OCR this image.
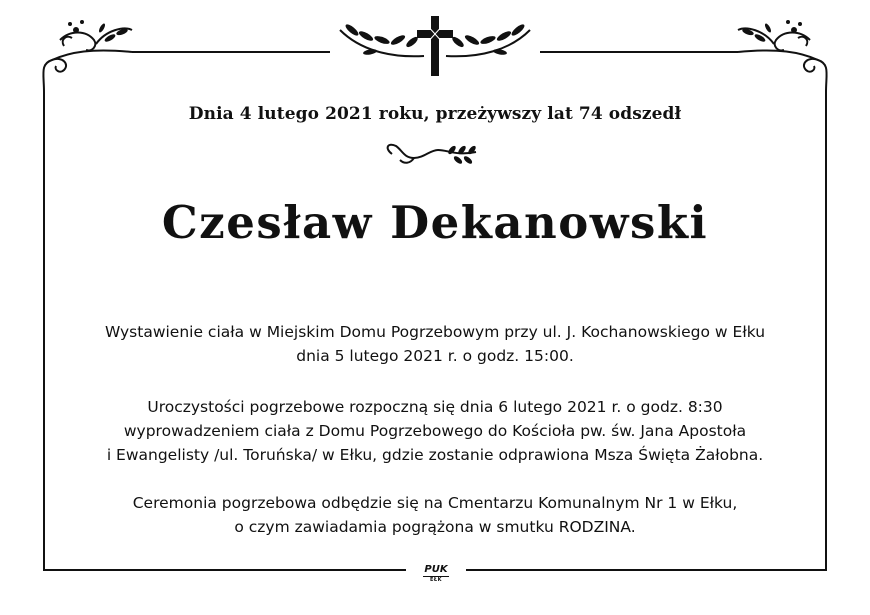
Dnia 4 lutego 2021 roku, przeżywszy lat 74 odszedł
Czesław Dekanowski
Wystawienie ciała w Miejskim Domu Pogrzebowym przy ul. J. Kochanowskiego w Ełku
dnia 5 lutego 2021 r. o godz. 15:00.
Uroczystości pogrzebowe rozpoczną się dnia 6 lutego 2021 r. o godz. 8:30
wyprowadzeniem ciała z Domu Pogrzebowego do Kościoła pw. św. Jana Apostoła
i Ewangelisty /ul. Toruńska/ w Ełku, gdzie zostanie odprawiona Msza Święta Żałobna.
Ceremonia pogrzebowa odbędzie się na Cmentarzu Komunalnym Nr 1 w Ełku,
o czym zawiadamia pogrążona w smutku RODZINA.
PUK
EŁK
